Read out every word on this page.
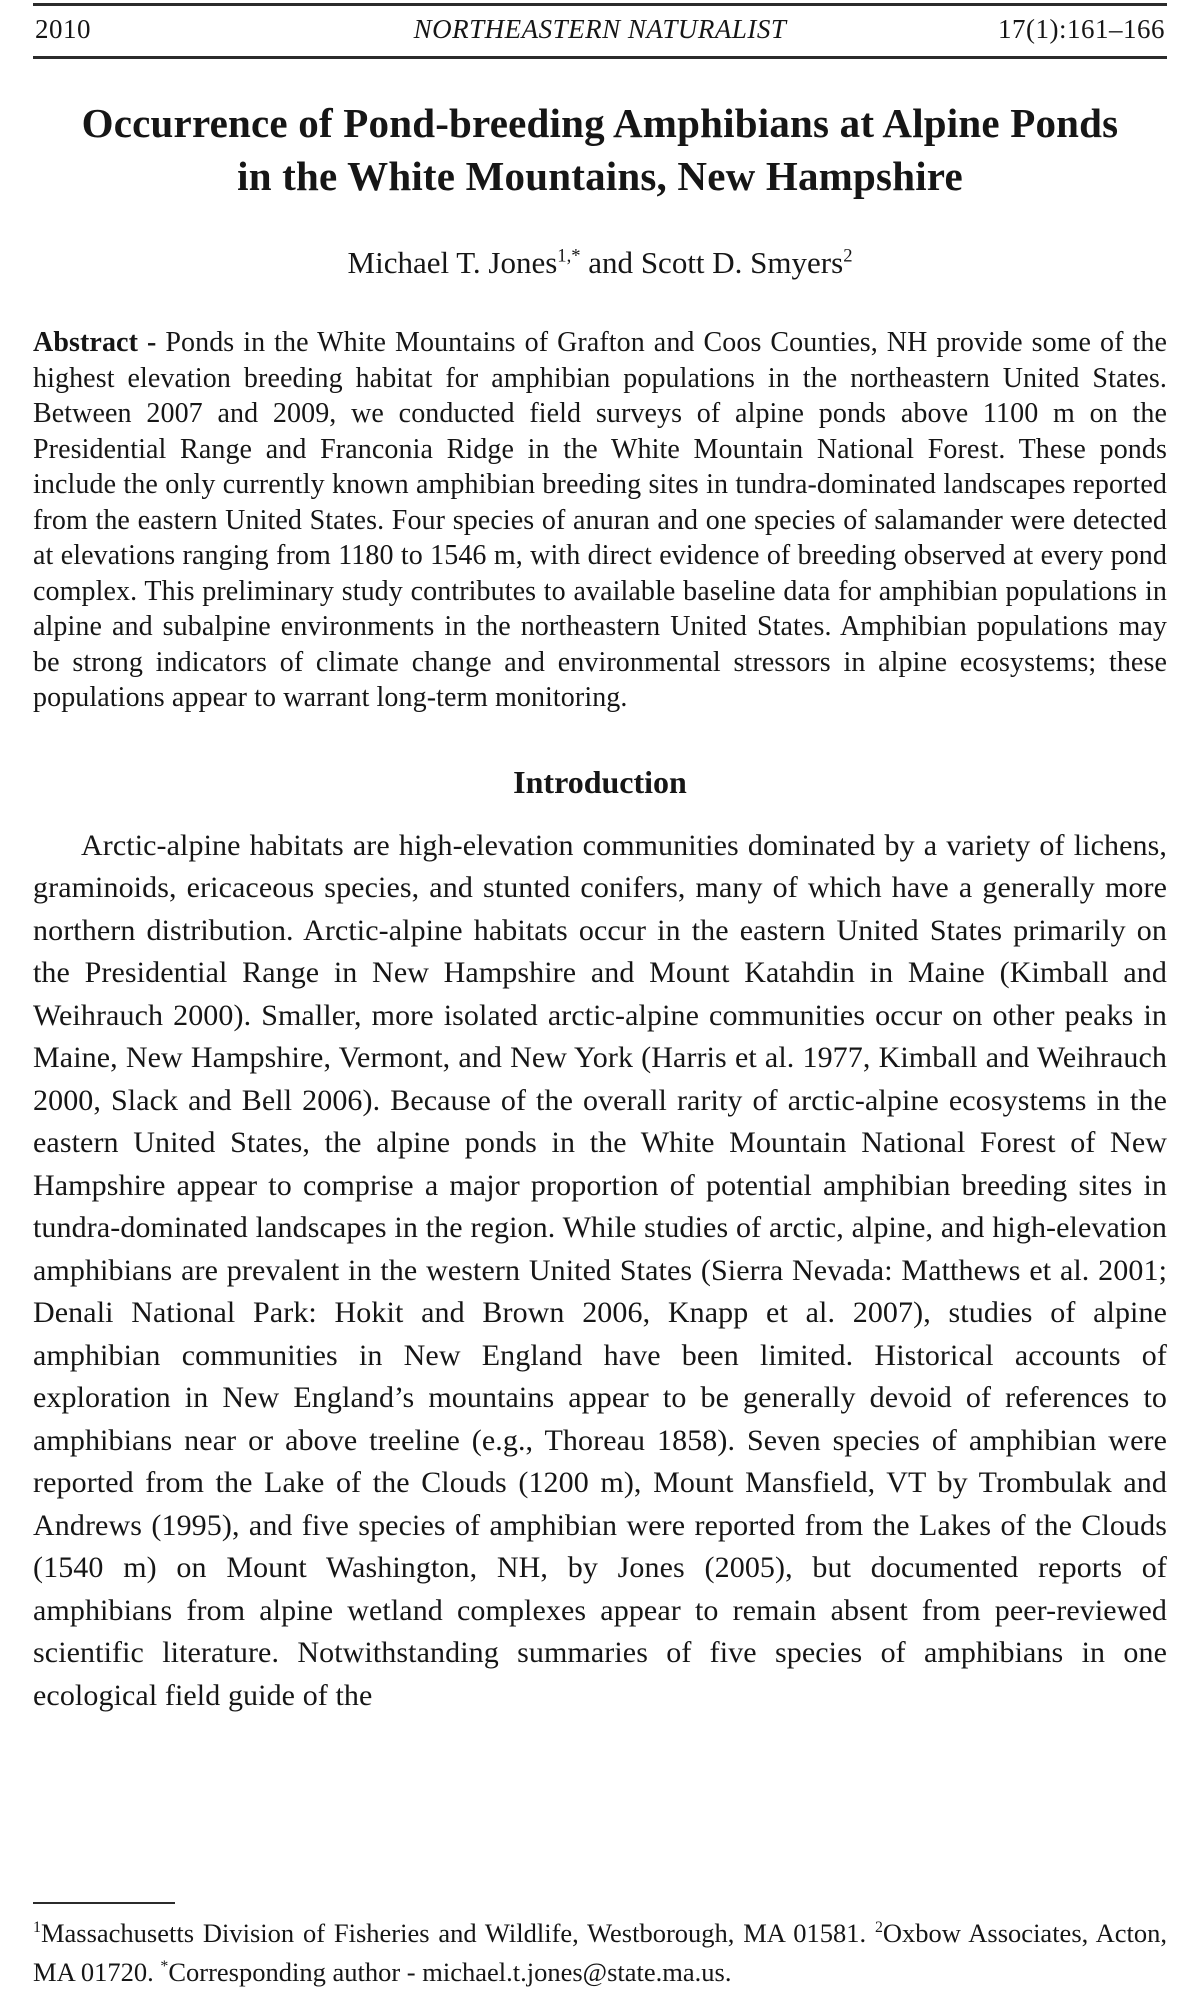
2010	NORTHEASTERN NATURALIST	17(1):161–166
Occurrence of Pond-breeding Amphibians at Alpine Ponds
in the White Mountains, New Hampshire
Michael T. Jones$^{1,*}$ and Scott D. Smyers$^2$

Abstract - Ponds in the White Mountains of Grafton and Coos Counties, NH provide some of the highest elevation breeding habitat for amphibian populations in the northeastern United States. Between 2007 and 2009, we conducted field surveys of alpine ponds above 1100 m on the Presidential Range and Franconia Ridge in the White Mountain National Forest. These ponds include the only currently known amphibian breeding sites in tundra-dominated landscapes reported from the eastern United States. Four species of anuran and one species of salamander were detected at elevations ranging from 1180 to 1546 m, with direct evidence of breeding observed at every pond complex. This preliminary study contributes to available baseline data for amphibian populations in alpine and subalpine environments in the northeastern United States. Amphibian populations may be strong indicators of climate change and environmental stressors in alpine ecosystems; these populations appear to warrant long-term monitoring.

Introduction

Arctic-alpine habitats are high-elevation communities dominated by a variety of lichens, graminoids, ericaceous species, and stunted conifers, many of which have a generally more northern distribution. Arctic-alpine habitats occur in the eastern United States primarily on the Presidential Range in New Hampshire and Mount Katahdin in Maine (Kimball and Weihrauch 2000). Smaller, more isolated arctic-alpine communities occur on other peaks in Maine, New Hampshire, Vermont, and New York (Harris et al. 1977, Kimball and Weihrauch 2000, Slack and Bell 2006). Because of the overall rarity of arctic-alpine ecosystems in the eastern United States, the alpine ponds in the White Mountain National Forest of New Hampshire appear to comprise a major proportion of potential amphibian breeding sites in tundra-dominated landscapes in the region. While studies of arctic, alpine, and high-elevation amphibians are prevalent in the western United States (Sierra Nevada: Matthews et al. 2001; Denali National Park: Hokit and Brown 2006, Knapp et al. 2007), studies of alpine amphibian communities in New England have been limited. Historical accounts of exploration in New England’s mountains appear to be generally devoid of references to amphibians near or above treeline (e.g., Thoreau 1858). Seven species of amphibian were reported from the Lake of the Clouds (1200 m), Mount Mansfield, VT by Trombulak and Andrews (1995), and five species of amphibian were reported from the Lakes of the Clouds (1540 m) on Mount Washington, NH, by Jones (2005), but documented reports of amphibians from alpine wetland complexes appear to remain absent from peer-reviewed scientific literature. Notwithstanding summaries of five species of amphibians in one ecological field guide of the

$^1$Massachusetts Division of Fisheries and Wildlife, Westborough, MA 01581. $^2$Oxbow Associates, Acton, MA 01720. *Corresponding author - michael.t.jones@state.ma.us.
